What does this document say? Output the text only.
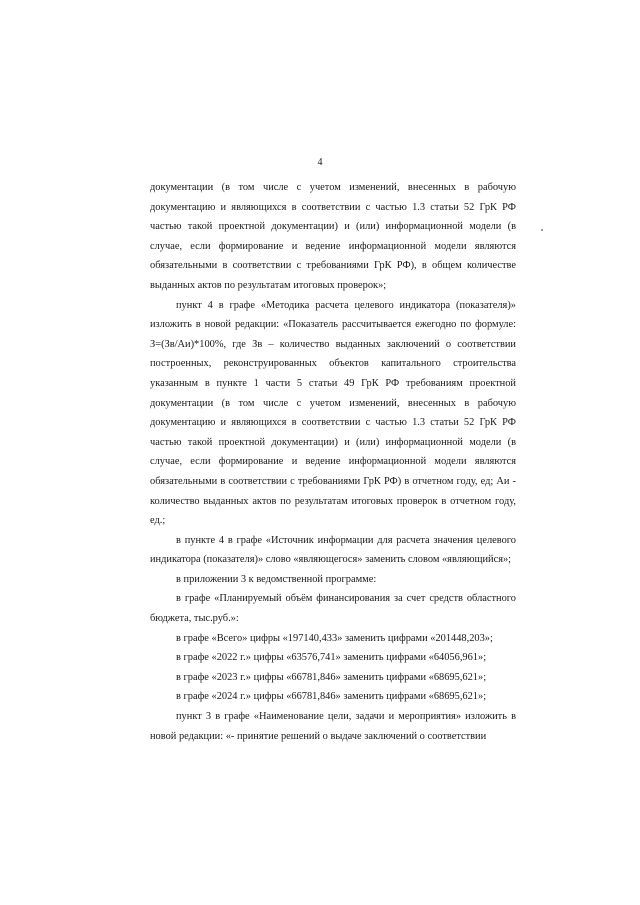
4

документации (в том числе с учетом изменений, внесенных в рабочую документацию и являющихся в соответствии с частью 1.3 статьи 52 ГрК РФ частью такой проектной документации) и (или) информационной модели (в случае, если формирование и ведение информационной модели являются обязательными в соответствии с требованиями ГрК РФ), в общем количестве выданных актов по результатам итоговых проверок»;

пункт 4 в графе «Методика расчета целевого индикатора (показателя)» изложить в новой редакции: «Показатель рассчитывается ежегодно по формуле: З=(Зв/Аи)*100%, где Зв – количество выданных заключений о соответствии построенных, реконструированных объектов капитального строительства указанным в пункте 1 части 5 статьи 49 ГрК РФ требованиям проектной документации (в том числе с учетом изменений, внесенных в рабочую документацию и являющихся в соответствии с частью 1.3 статьи 52 ГрК РФ частью такой проектной документации) и (или) информационной модели (в случае, если формирование и ведение информационной модели являются обязательными в соответствии с требованиями ГрК РФ) в отчетном году, ед; Аи - количество выданных актов по результатам итоговых проверок в отчетном году, ед.;

в пункте 4 в графе «Источник информации для расчета значения целевого индикатора (показателя)» слово «являющегося» заменить словом «являющийся»;

в приложении 3 к ведомственной программе:

в графе «Планируемый объём финансирования за счет средств областного бюджета, тыс.руб.»:

в графе «Всего» цифры «197140,433» заменить цифрами «201448,203»;

в графе «2022 г.» цифры «63576,741» заменить цифрами «64056,961»;

в графе «2023 г.» цифры «66781,846» заменить цифрами «68695,621»;

в графе «2024 г.» цифры «66781,846» заменить цифрами «68695,621»;

пункт 3 в графе «Наименование цели, задачи и мероприятия» изложить в новой редакции: «- принятие решений о выдаче заключений о соответствии
